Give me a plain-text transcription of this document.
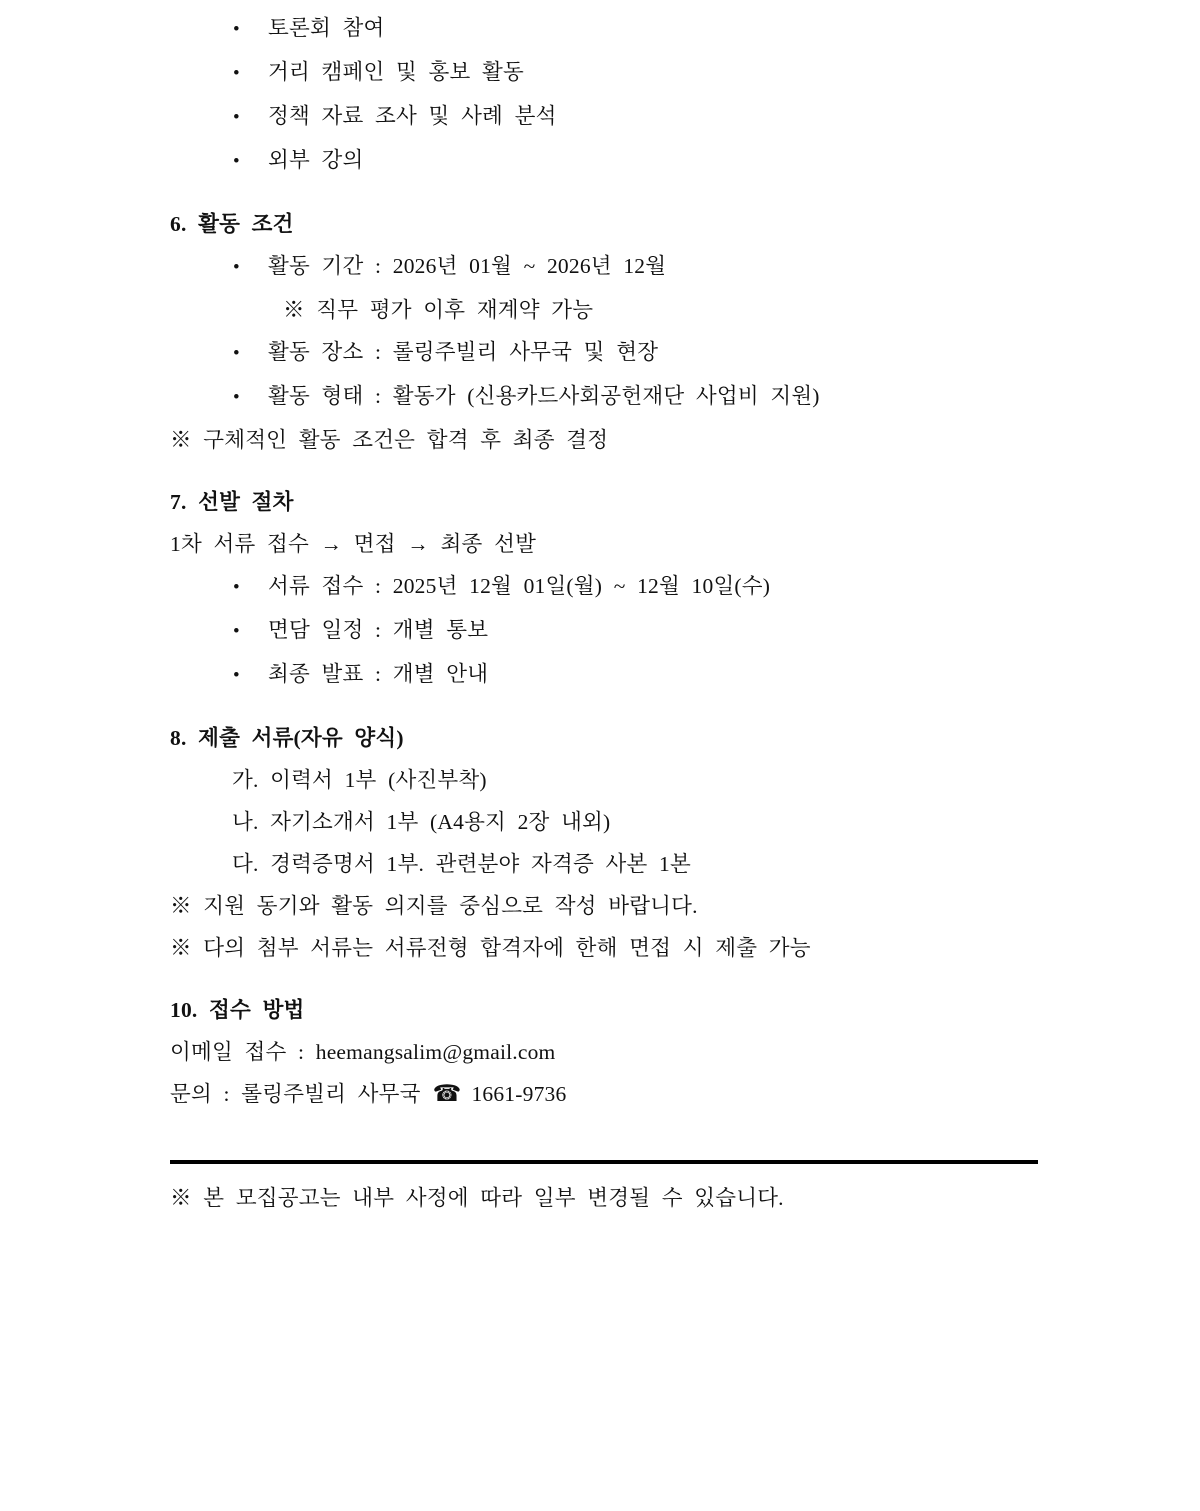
• 토론회 참여
• 거리 캠페인 및 홍보 활동
• 정책 자료 조사 및 사례 분석
• 외부 강의
6. 활동 조건
• 활동 기간 : 2026년 01월 ~ 2026년 12월
※ 직무 평가 이후 재계약 가능
• 활동 장소 : 롤링주빌리 사무국 및 현장
• 활동 형태 : 활동가 (신용카드사회공헌재단 사업비 지원)
※ 구체적인 활동 조건은 합격 후 최종 결정
7. 선발 절차
1차 서류 접수 → 면접 → 최종 선발
• 서류 접수 : 2025년 12월 01일(월) ~ 12월 10일(수)
• 면담 일정 : 개별 통보
• 최종 발표 : 개별 안내
8. 제출 서류(자유 양식)
가. 이력서 1부 (사진부착)
나. 자기소개서 1부 (A4용지 2장 내외)
다. 경력증명서 1부. 관련분야 자격증 사본 1본
※ 지원 동기와 활동 의지를 중심으로 작성 바랍니다.
※ 다의 첨부 서류는 서류전형 합격자에 한해 면접 시 제출 가능
10. 접수 방법
이메일 접수 : heemangsalim@gmail.com
문의 : 롤링주빌리 사무국 ☎ 1661-9736
※ 본 모집공고는 내부 사정에 따라 일부 변경될 수 있습니다.
